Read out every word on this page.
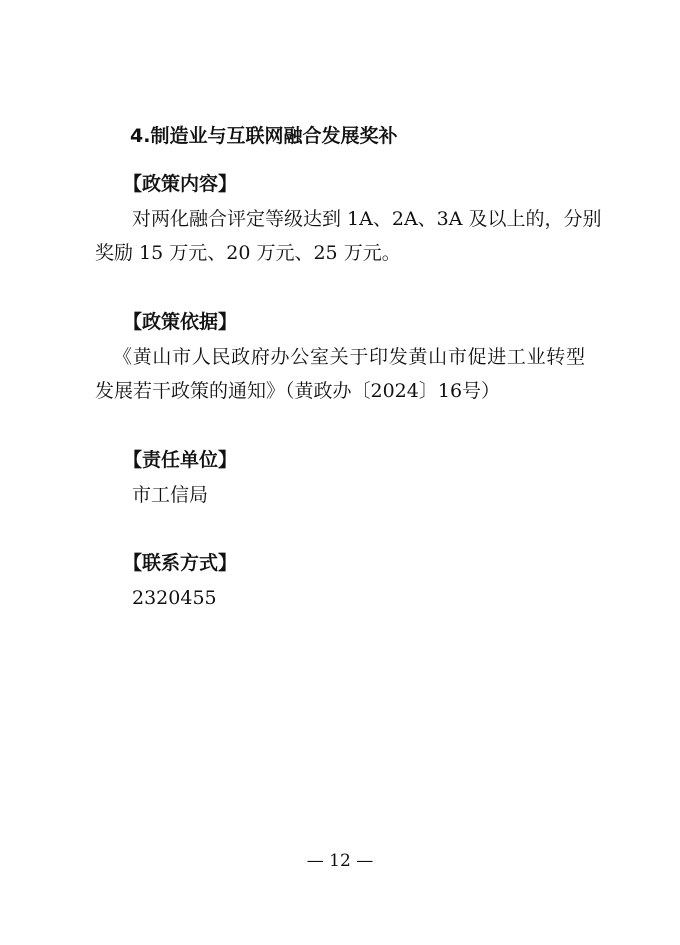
4.制造业与互联网融合发展奖补
【政策内容】
对两化融合评定等级达到 1A、2A、3A 及以上的，分别
奖励 15 万元、20 万元、25 万元。
【政策依据】
《黄山市人民政府办公室关于印发黄山市促进工业转型
发展若干政策的通知》（黄政办〔2024〕16号）
【责任单位】
市工信局
【联系方式】
2320455
— 12 —
